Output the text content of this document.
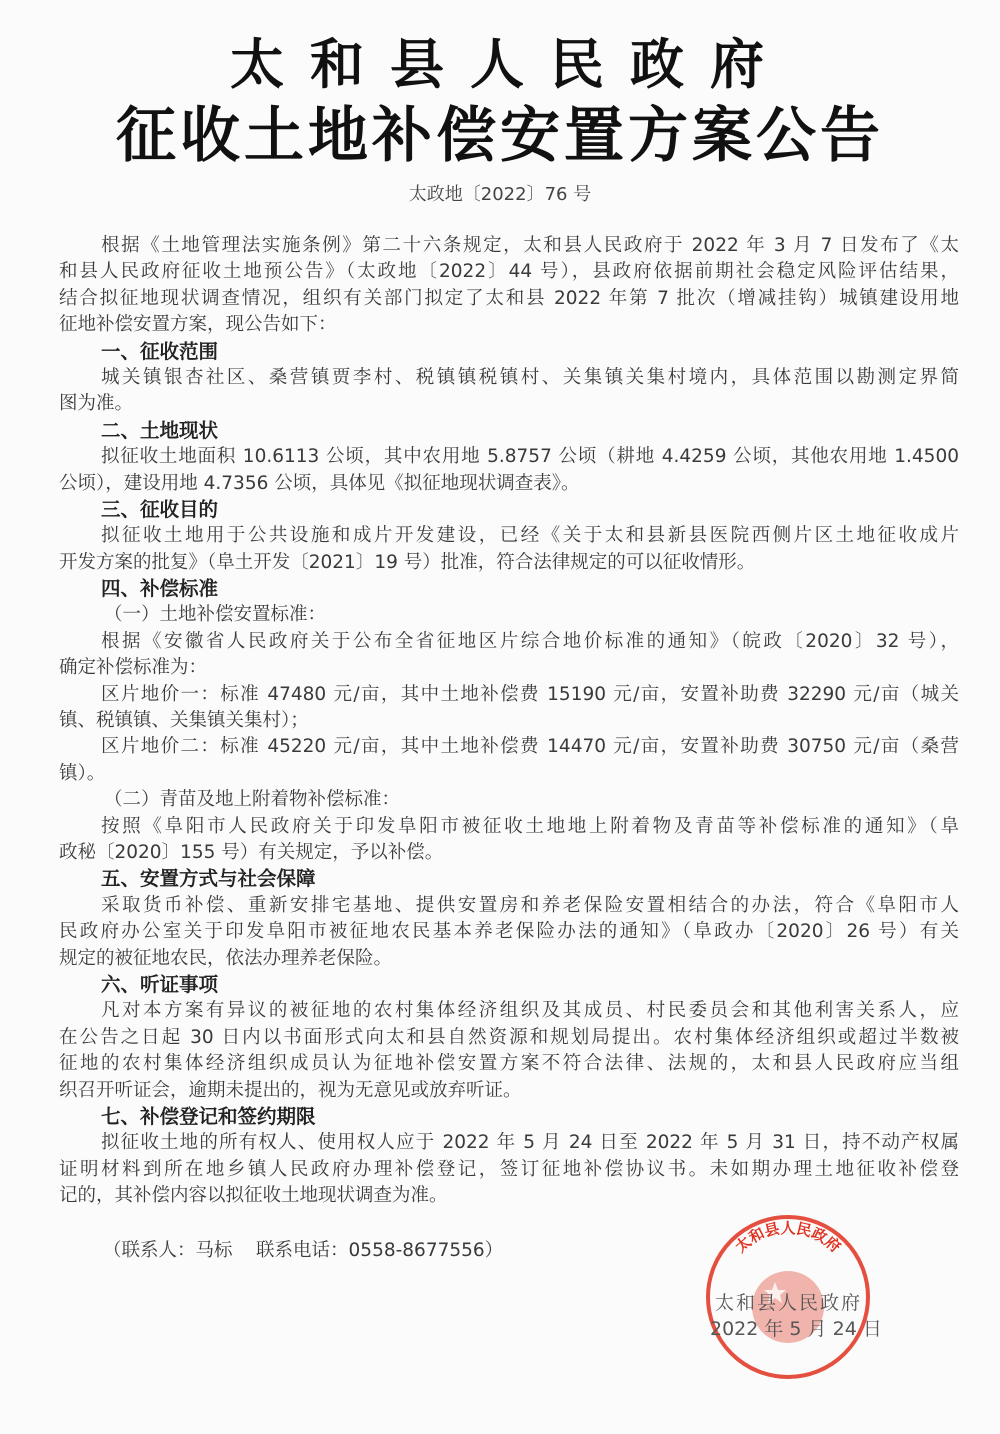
太和县人民政府
征收土地补偿安置方案公告
太政地〔2022〕76 号
根据《土地管理法实施条例》第二十六条规定，太和县人民政府于 2022 年 3 月 7 日发布了《太
和县人民政府征收土地预公告》（太政地〔2022〕44 号），县政府依据前期社会稳定风险评估结果，
结合拟征地现状调查情况，组织有关部门拟定了太和县 2022 年第 7 批次（增减挂钩）城镇建设用地
征地补偿安置方案，现公告如下：
一、征收范围
城关镇银杏社区、桑营镇贾李村、税镇镇税镇村、关集镇关集村境内，具体范围以勘测定界简
图为准。
二、土地现状
拟征收土地面积 10.6113 公顷，其中农用地 5.8757 公顷（耕地 4.4259 公顷，其他农用地 1.4500
公顷），建设用地 4.7356 公顷，具体见《拟征地现状调查表》。
三、征收目的
拟征收土地用于公共设施和成片开发建设，已经《关于太和县新县医院西侧片区土地征收成片
开发方案的批复》（阜土开发〔2021〕19 号）批准，符合法律规定的可以征收情形。
四、补偿标准
（一）土地补偿安置标准：
根据《安徽省人民政府关于公布全省征地区片综合地价标准的通知》（皖政〔2020〕32 号），
确定补偿标准为：
区片地价一：标准 47480 元/亩，其中土地补偿费 15190 元/亩，安置补助费 32290 元/亩（城关
镇、税镇镇、关集镇关集村）；
区片地价二：标准 45220 元/亩，其中土地补偿费 14470 元/亩，安置补助费 30750 元/亩（桑营
镇）。
（二）青苗及地上附着物补偿标准：
按照《阜阳市人民政府关于印发阜阳市被征收土地地上附着物及青苗等补偿标准的通知》（阜
政秘〔2020〕155 号）有关规定，予以补偿。
五、安置方式与社会保障
采取货币补偿、重新安排宅基地、提供安置房和养老保险安置相结合的办法，符合《阜阳市人
民政府办公室关于印发阜阳市被征地农民基本养老保险办法的通知》（阜政办〔2020〕26 号）有关
规定的被征地农民，依法办理养老保险。
六、听证事项
凡对本方案有异议的被征地的农村集体经济组织及其成员、村民委员会和其他利害关系人，应
在公告之日起 30 日内以书面形式向太和县自然资源和规划局提出。农村集体经济组织或超过半数被
征地的农村集体经济组织成员认为征地补偿安置方案不符合法律、法规的，太和县人民政府应当组
织召开听证会，逾期未提出的，视为无意见或放弃听证。
七、补偿登记和签约期限
拟征收土地的所有权人、使用权人应于 2022 年 5 月 24 日至 2022 年 5 月 31 日，持不动产权属
证明材料到所在地乡镇人民政府办理补偿登记，签订征地补偿协议书。未如期办理土地征收补偿登
记的，其补偿内容以拟征收土地现状调查为准。
（联系人：马标    联系电话：0558-8677556）	太和县人民政府
太和县人民政府
2022 年 5 月 24 日
